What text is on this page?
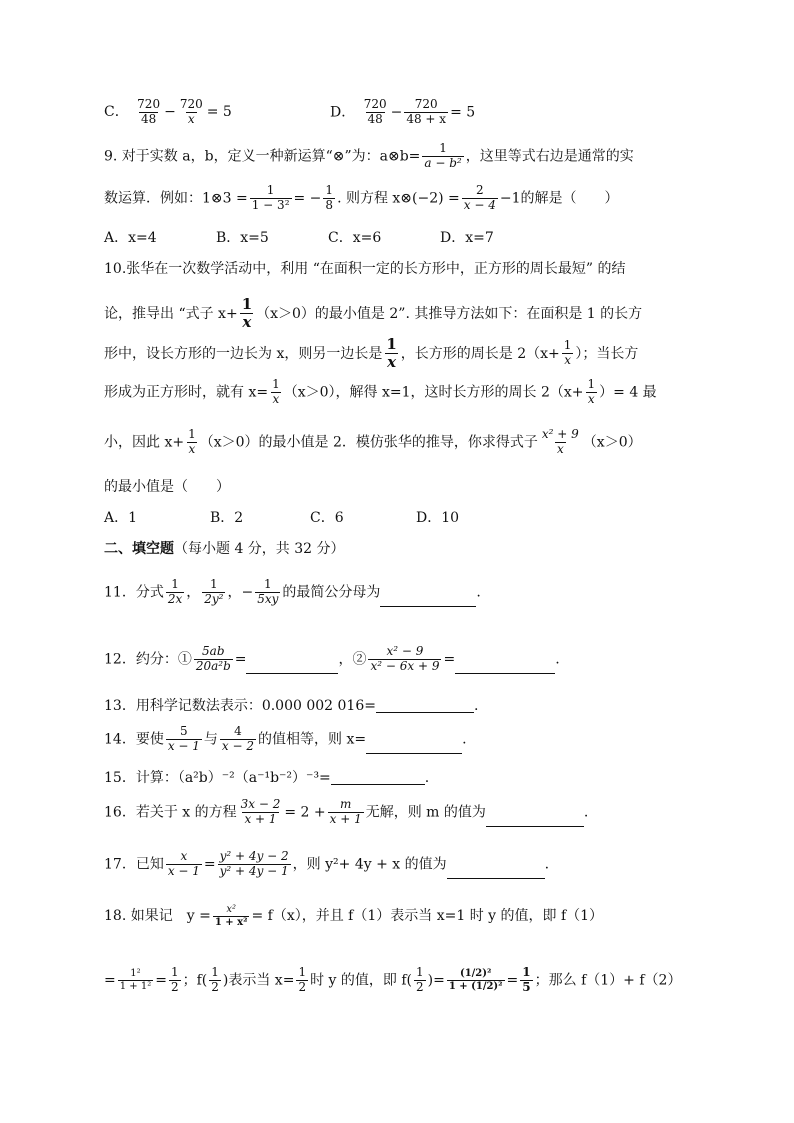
C． $\frac{720}{48} - \frac{720}{x} = 5$	D． $\frac{720}{48} - \frac{720}{48 + x} = 5$
9. 对于实数 a，b，定义一种新运算“⊗”为：a⊗b= $\frac{1}{\text{a − b²}}$ ，这里等式右边是通常的实
数运算．例如：1⊗3 = $\frac{1}{\text{1 − 3²}}$ = − $\frac{1}{8}$ . 则方程 x⊗(−2) = $\frac{2}{x - 4} -1$的解是（　　）
A．x=4	B．x=5	C．x=6	D．x=7
10.张华在一次数学活动中，利用 “在面积一定的长方形中，正方形的周长最短” 的结
论，推导出 “式子 $x+ \frac{1}{x} (x>0)$的最小值是 2”. 其推导方法如下：在面积是 1 的长方
形中，设长方形的一边长为 x，则另一边长是 $\frac{1}{x}$ ，长方形的周长是 $2(x+ \frac{1}{x}$ ）；当长方
形成为正方形时，就有 $x= \frac{1}{x} (x>0)$，解得 x=1，这时长方形的周长 $2(x+ \frac{1}{x}$ ）= 4 最
小，因此 $x+ \frac{1}{x} (x>0)$的最小值是 2．模仿张华的推导，你求得式子 $\frac{\text{x² + 9}}{x} (x>0)$
的最小值是（　　）
A．1	B．2	C．6	D．10
二、填空题（每小题 4 分，共 32 分）
11．分式 $\frac{1}{2x}$ ， $\frac{1}{\text{2y²}}$ ，− $\frac{1}{5xy}$ 的最简公分母为	.
12．约分：① $\frac{5ab}{\text{20a²b}}$ =	，② $\frac{\text{x² − 9}}{\text{x² − 6x + 9}}$ =	.
13．用科学记数法表示：0.000 002 016=	.
14．要使 $\frac{5}{x - 1}$ 与 $\frac{4}{x - 2}$ 的值相等，则 x=	.
15．计算：（a²b）⁻²（a⁻¹b⁻²）⁻³=	.
16．若关于 x 的方程 $\frac{3x - 2}{x + 1} = 2 + \frac{m}{x + 1}$ 无解，则 m 的值为	.
17．已知 $\frac{x}{x - 1} = \frac{\text{y² + 4y − 2}}{\text{y² + 4y − 1}}$ ，则 y²+ 4y + x 的值为	.
18. 如果记　$y = \frac{\text{x²}}{\text{1 + x²}} = f(x)$，并且 f（1）表示当 x=1 时 y 的值，即 f（1）
= $\frac{\text{1²}}{\text{1 + 1²}} = \frac{1}{2}$ ；$f( \frac{1}{2}$ )表示当 $x= \frac{1}{2}$ 时 y 的值，即 $f( \frac{1}{2}$ )= $\frac{\text{(1/2)²}}{\text{1 + (1/2)²}} = \frac{1}{5}$ ；那么 f（1）+ f（2）
